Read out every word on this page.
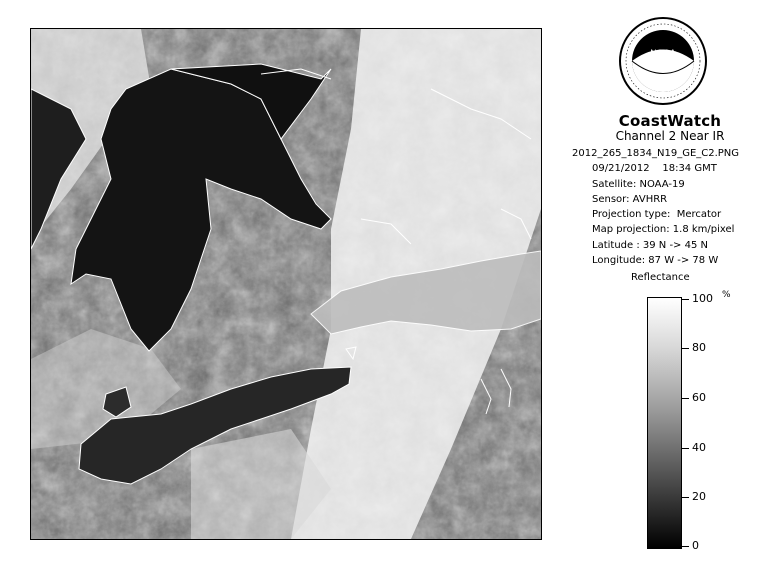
NOAA
CoastWatch
Channel 2 Near IR
2012_265_1834_N19_GE_C2.PNG
09/21/2012    18:34 GMT
Satellite: NOAA-19
Sensor: AVHRR
Projection type:  Mercator
Map projection: 1.8 km/pixel
Latitude : 39 N -> 45 N
Longitude: 87 W -> 78 W
Reflectance
%
100
80
60
40
20
0
